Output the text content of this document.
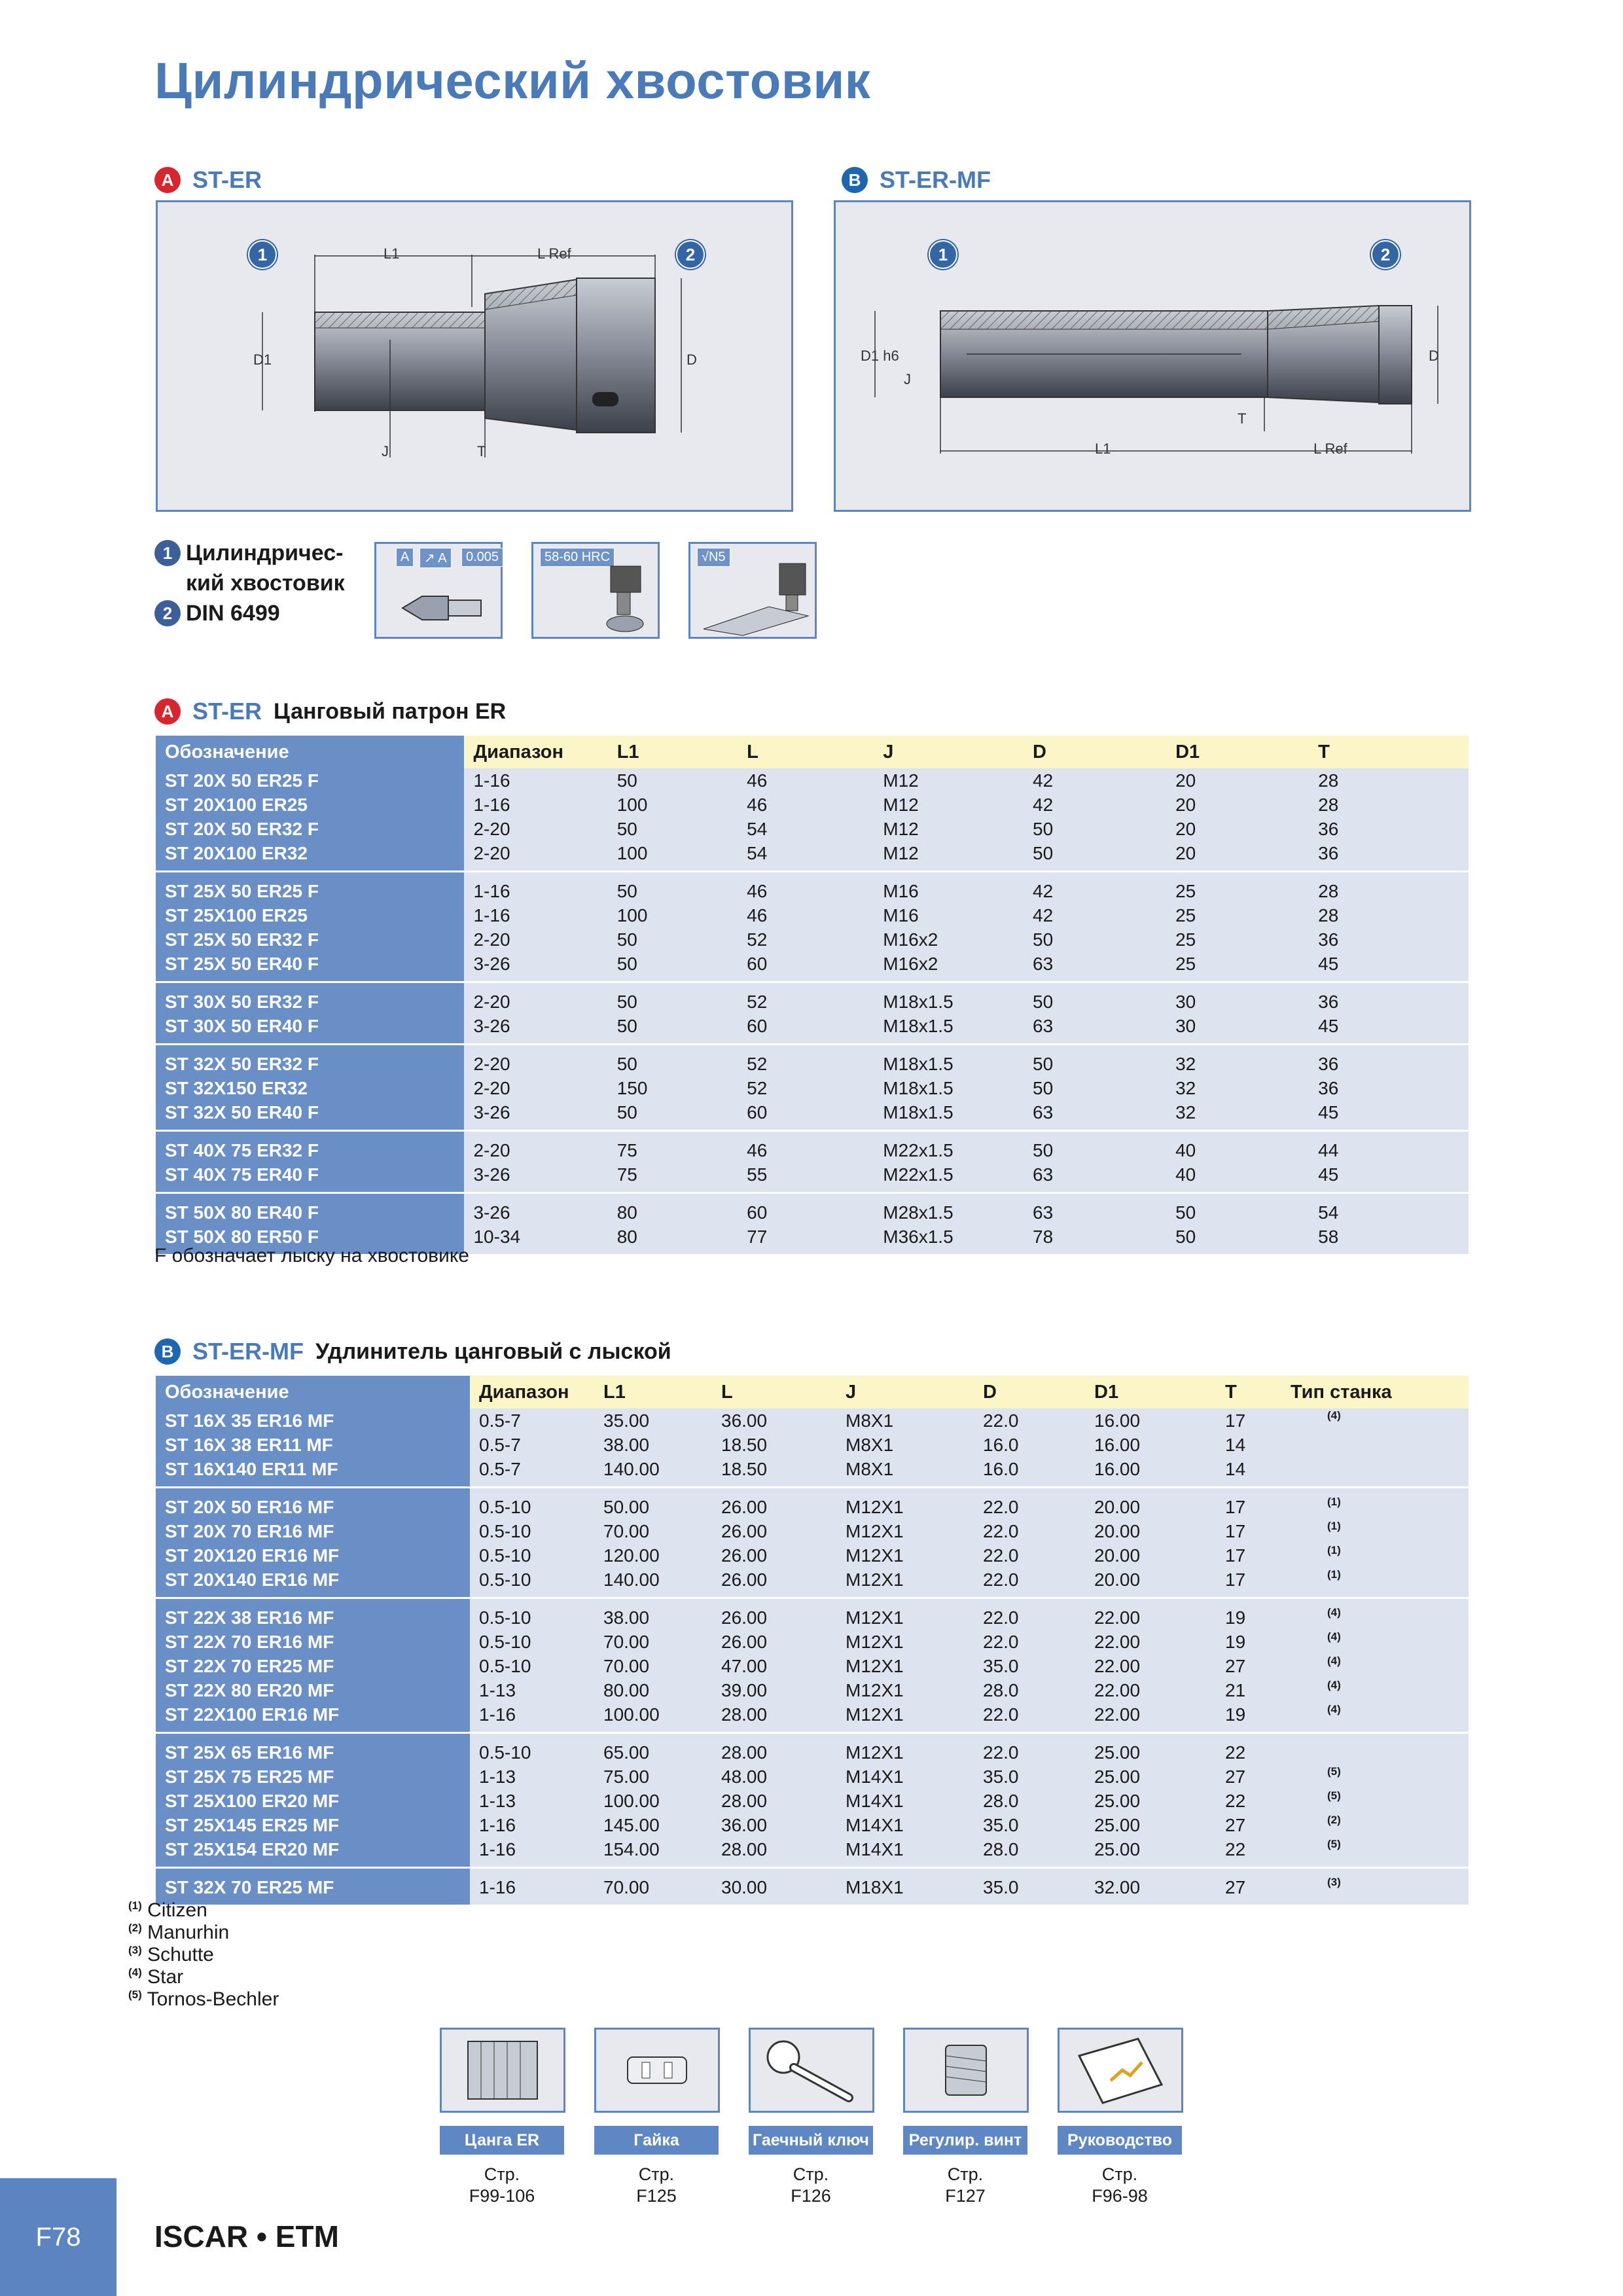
Цилиндрический хвостовик
A ST-ER	B ST-ER-MF
1	2
L1	L Ref
D1	D
J	T
1	2
D1 h6
J
D
L1	L Ref
T
1 Цилиндричес-
кий хвостовик
2 DIN 6499
A	↗ A	0.005	58-60 HRC	√N5
A ST-ER Цанговый патрон ER
Обозначение	Диапазон	L1	L	J	D	D1	T
ST 20X 50 ER25 F	1-16	50	46	M12	42	20	28
ST 20X100 ER25	1-16	100	46	M12	42	20	28
ST 20X 50 ER32 F	2-20	50	54	M12	50	20	36
ST 20X100 ER32	2-20	100	54	M12	50	20	36
ST 25X 50 ER25 F	1-16	50	46	M16	42	25	28
ST 25X100 ER25	1-16	100	46	M16	42	25	28
ST 25X 50 ER32 F	2-20	50	52	M16x2	50	25	36
ST 25X 50 ER40 F	3-26	50	60	M16x2	63	25	45
ST 30X 50 ER32 F	2-20	50	52	M18x1.5	50	30	36
ST 30X 50 ER40 F	3-26	50	60	M18x1.5	63	30	45
ST 32X 50 ER32 F	2-20	50	52	M18x1.5	50	32	36
ST 32X150 ER32	2-20	150	52	M18x1.5	50	32	36
ST 32X 50 ER40 F	3-26	50	60	M18x1.5	63	32	45
ST 40X 75 ER32 F	2-20	75	46	M22x1.5	50	40	44
ST 40X 75 ER40 F	3-26	75	55	M22x1.5	63	40	45
ST 50X 80 ER40 F	3-26	80	60	M28x1.5	63	50	54
ST 50X 80 ER50 F	10-34	80	77	M36x1.5	78	50	58
F обозначает лыску на хвостовике
B ST-ER-MF Удлинитель цанговый с лыской
Обозначение	Диапазон	L1	L	J	D	D1	T	Тип станка
ST 16X 35 ER16 MF	0.5-7	35.00	36.00	M8X1	22.0	16.00	17	(4)
ST 16X 38 ER11 MF	0.5-7	38.00	18.50	M8X1	16.0	16.00	14	
ST 16X140 ER11 MF	0.5-7	140.00	18.50	M8X1	16.0	16.00	14	
ST 20X 50 ER16 MF	0.5-10	50.00	26.00	M12X1	22.0	20.00	17	(1)
ST 20X 70 ER16 MF	0.5-10	70.00	26.00	M12X1	22.0	20.00	17	(1)
ST 20X120 ER16 MF	0.5-10	120.00	26.00	M12X1	22.0	20.00	17	(1)
ST 20X140 ER16 MF	0.5-10	140.00	26.00	M12X1	22.0	20.00	17	(1)
ST 22X 38 ER16 MF	0.5-10	38.00	26.00	M12X1	22.0	22.00	19	(4)
ST 22X 70 ER16 MF	0.5-10	70.00	26.00	M12X1	22.0	22.00	19	(4)
ST 22X 70 ER25 MF	0.5-10	70.00	47.00	M12X1	35.0	22.00	27	(4)
ST 22X 80 ER20 MF	1-13	80.00	39.00	M12X1	28.0	22.00	21	(4)
ST 22X100 ER16 MF	1-16	100.00	28.00	M12X1	22.0	22.00	19	(4)
ST 25X 65 ER16 MF	0.5-10	65.00	28.00	M12X1	22.0	25.00	22	
ST 25X 75 ER25 MF	1-13	75.00	48.00	M14X1	35.0	25.00	27	(5)
ST 25X100 ER20 MF	1-13	100.00	28.00	M14X1	28.0	25.00	22	(5)
ST 25X145 ER25 MF	1-16	145.00	36.00	M14X1	35.0	25.00	27	(2)
ST 25X154 ER20 MF	1-16	154.00	28.00	M14X1	28.0	25.00	22	(5)
ST 32X 70 ER25 MF	1-16	70.00	30.00	M18X1	35.0	32.00	27	(3)
$^{(1)}$ Citizen
$^{(2)}$ Manurhin
$^{(3)}$ Schutte
$^{(4)}$ Star
$^{(5)}$ Tornos-Bechler
Цанга ER
Стр.
F99-106
Гайка
Стр.
F125
Гаечный ключ
Стр.
F126
Регулир. винт
Стр.
F127
Руководство
Стр.
F96-98
F78	ISCAR • ETM
